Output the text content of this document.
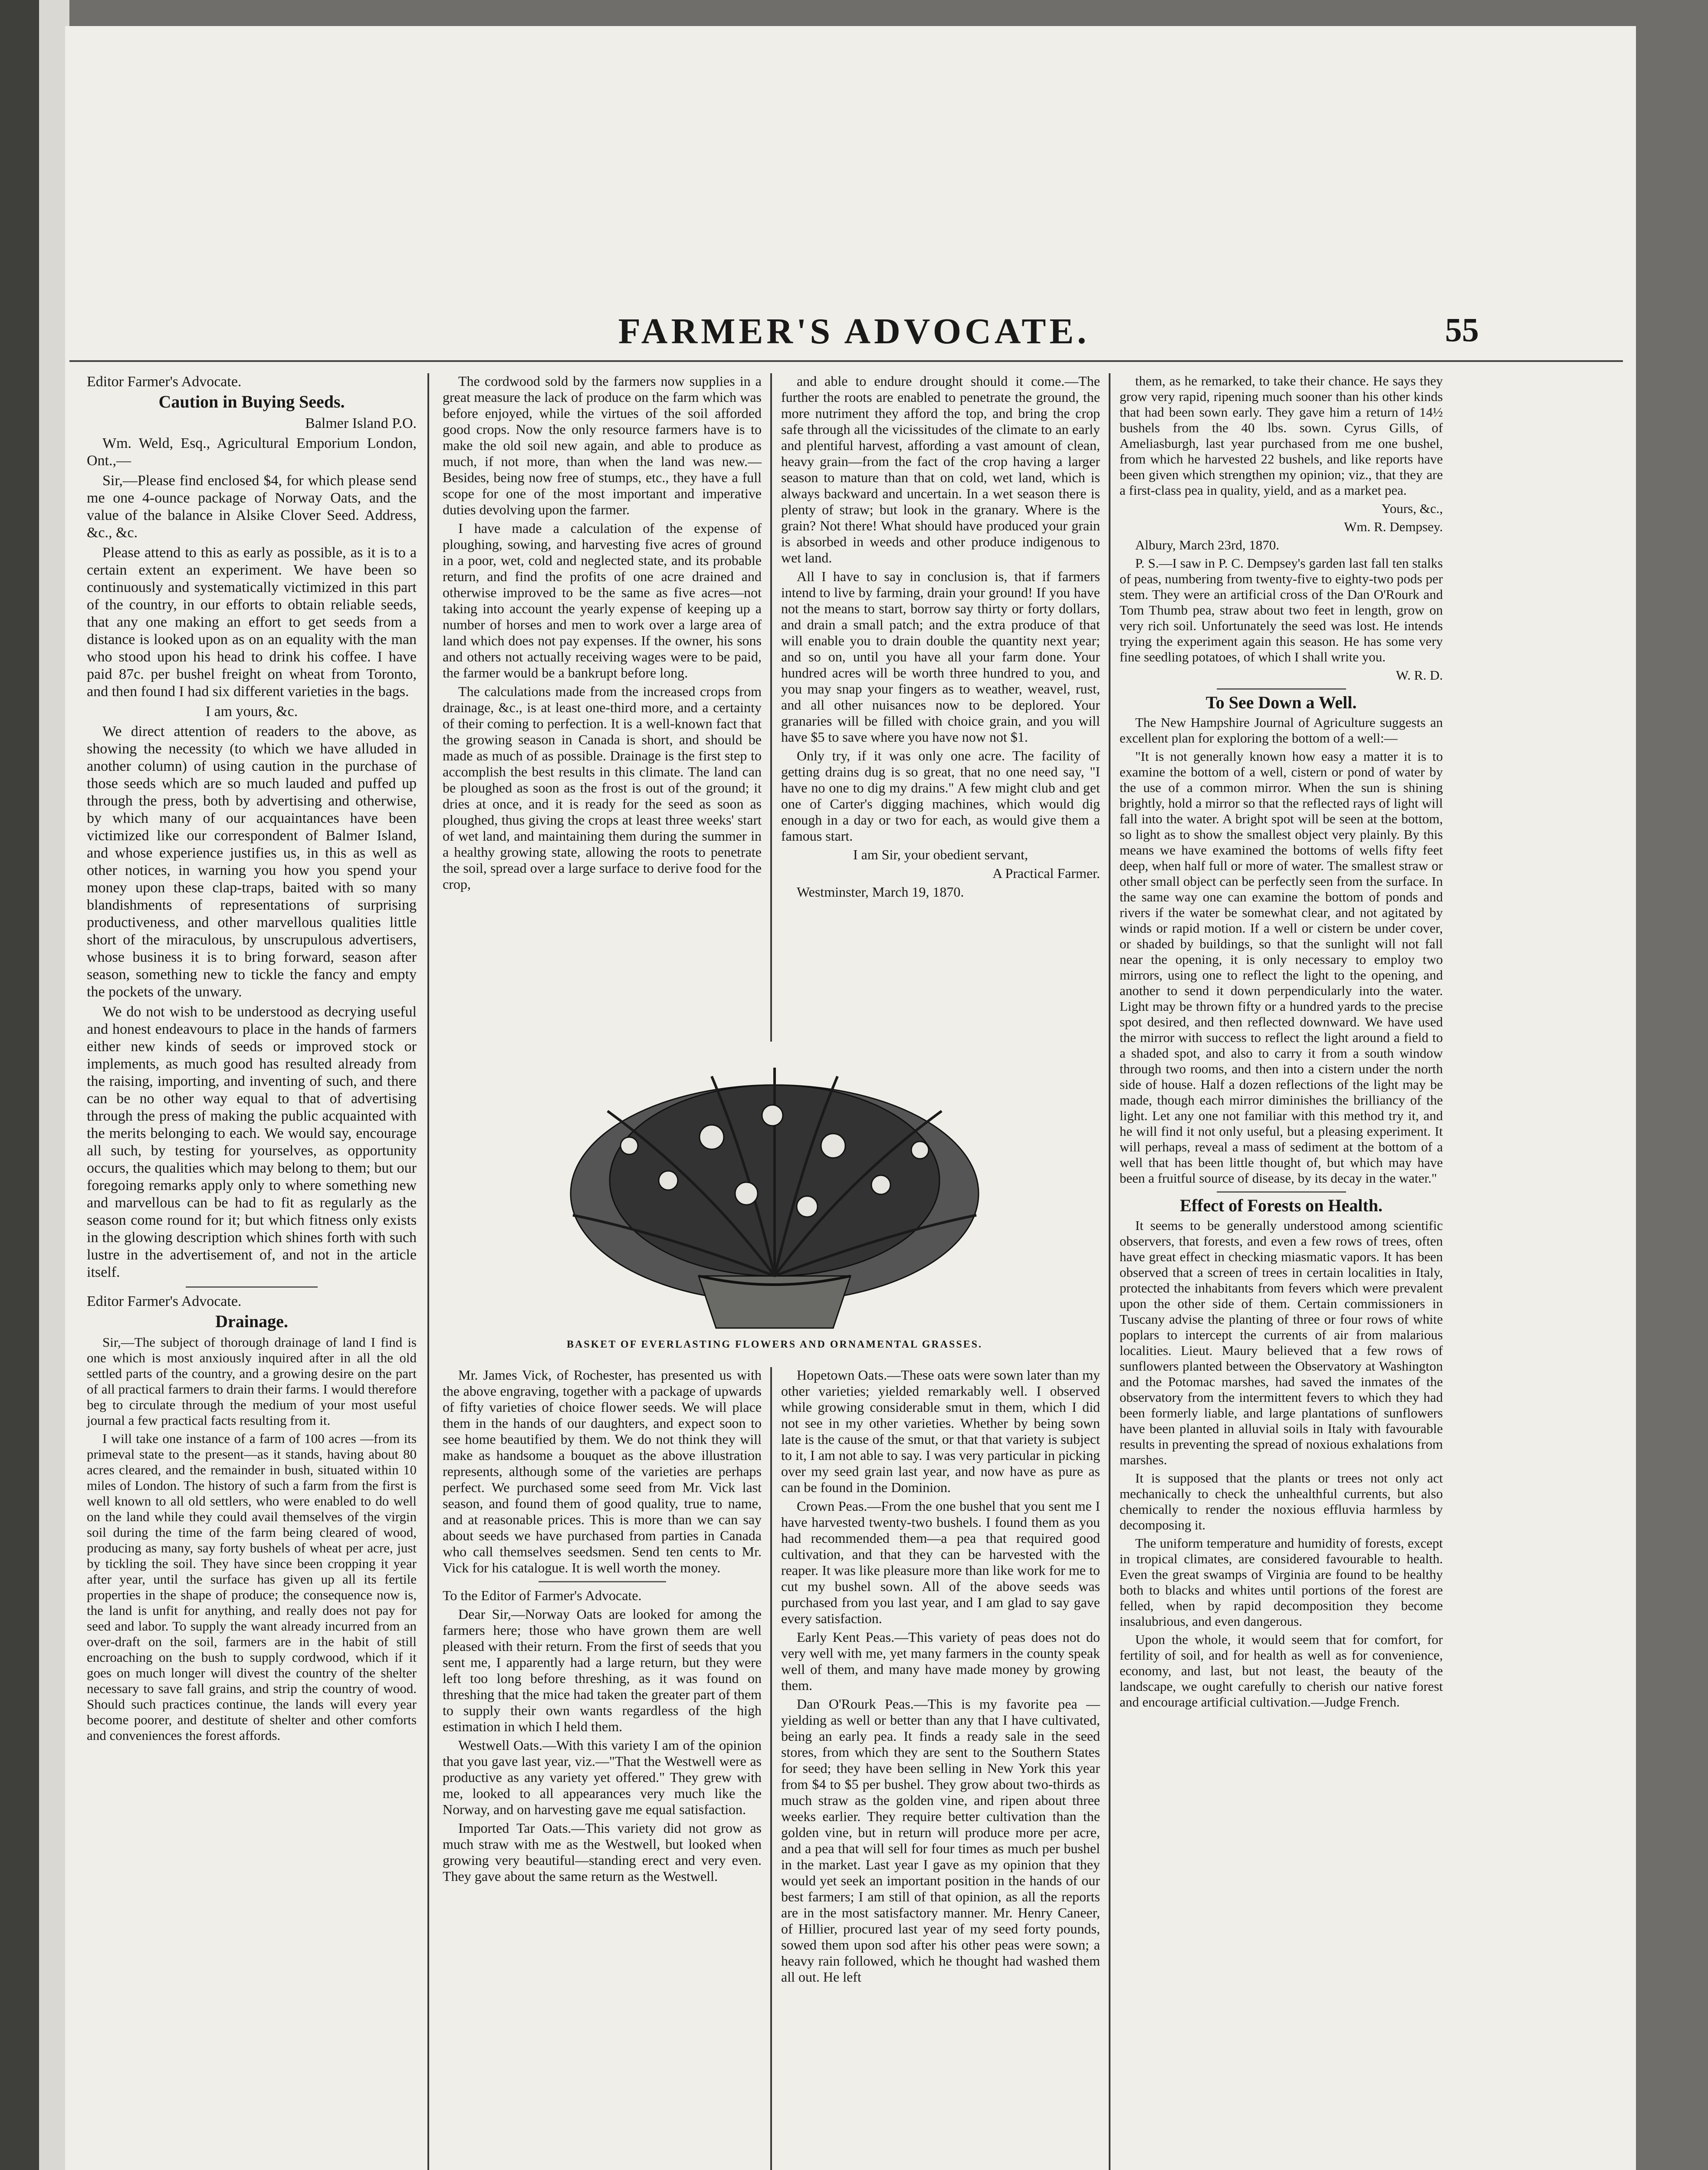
FARMER'S ADVOCATE.	55

Editor Farmer's Advocate.

Caution in Buying Seeds.

Balmer Island P.O.

Wm. Weld, Esq., Agricultural Emporium London, Ont.,—

Sir,—Please find enclosed $4, for which please send me one 4-ounce package of Norway Oats, and the value of the balance in Alsike Clover Seed. Address, &c., &c.

Please attend to this as early as possible, as it is to a certain extent an experiment. We have been so continuously and systematically victimized in this part of the country, in our efforts to obtain reliable seeds, that any one making an effort to get seeds from a distance is looked upon as on an equality with the man who stood upon his head to drink his coffee. I have paid 87c. per bushel freight on wheat from Toronto, and then found I had six different varieties in the bags.

I am yours, &c.

We direct attention of readers to the above, as showing the necessity (to which we have alluded in another column) of using caution in the purchase of those seeds which are so much lauded and puffed up through the press, both by advertising and otherwise, by which many of our acquaintances have been victimized like our correspondent of Balmer Island, and whose experience justifies us, in this as well as other notices, in warning you how you spend your money upon these clap-traps, baited with so many blandishments of representations of surprising productiveness, and other marvellous qualities little short of the miraculous, by unscrupulous advertisers, whose business it is to bring forward, season after season, something new to tickle the fancy and empty the pockets of the unwary.

We do not wish to be understood as decrying useful and honest endeavours to place in the hands of farmers either new kinds of seeds or improved stock or implements, as much good has resulted already from the raising, importing, and inventing of such, and there can be no other way equal to that of advertising through the press of making the public acquainted with the merits belonging to each. We would say, encourage all such, by testing for yourselves, as opportunity occurs, the qualities which may belong to them; but our foregoing remarks apply only to where something new and marvellous can be had to fit as regularly as the season come round for it; but which fitness only exists in the glowing description which shines forth with such lustre in the advertisement of, and not in the article itself.

Editor Farmer's Advocate.

Drainage.

Sir,—The subject of thorough drainage of land I find is one which is most anxiously inquired after in all the old settled parts of the country, and a growing desire on the part of all practical farmers to drain their farms. I would therefore beg to circulate through the medium of your most useful journal a few practical facts resulting from it.

I will take one instance of a farm of 100 acres —from its primeval state to the present—as it stands, having about 80 acres cleared, and the remainder in bush, situated within 10 miles of London. The history of such a farm from the first is well known to all old settlers, who were enabled to do well on the land while they could avail themselves of the virgin soil during the time of the farm being cleared of wood, producing as many, say forty bushels of wheat per acre, just by tickling the soil. They have since been cropping it year after year, until the surface has given up all its fertile properties in the shape of produce; the consequence now is, the land is unfit for anything, and really does not pay for seed and labor. To supply the want already incurred from an over-draft on the soil, farmers are in the habit of still encroaching on the bush to supply cordwood, which if it goes on much longer will divest the country of the shelter necessary to save fall grains, and strip the country of wood. Should such practices continue, the lands will every year become poorer, and destitute of shelter and other comforts and conveniences the forest affords.

The cordwood sold by the farmers now supplies in a great measure the lack of produce on the farm which was before enjoyed, while the virtues of the soil afforded good crops. Now the only resource farmers have is to make the old soil new again, and able to produce as much, if not more, than when the land was new.—Besides, being now free of stumps, etc., they have a full scope for one of the most important and imperative duties devolving upon the farmer.

I have made a calculation of the expense of ploughing, sowing, and harvesting five acres of ground in a poor, wet, cold and neglected state, and its probable return, and find the profits of one acre drained and otherwise improved to be the same as five acres—not taking into account the yearly expense of keeping up a number of horses and men to work over a large area of land which does not pay expenses. If the owner, his sons and others not actually receiving wages were to be paid, the farmer would be a bankrupt before long.

The calculations made from the increased crops from drainage, &c., is at least one-third more, and a certainty of their coming to perfection. It is a well-known fact that the growing season in Canada is short, and should be made as much of as possible. Drainage is the first step to accomplish the best results in this climate. The land can be ploughed as soon as the frost is out of the ground; it dries at once, and it is ready for the seed as soon as ploughed, thus giving the crops at least three weeks' start of wet land, and maintaining them during the summer in a healthy growing state, allowing the roots to penetrate the soil, spread over a large surface to derive food for the crop,

and able to endure drought should it come.—The further the roots are enabled to penetrate the ground, the more nutriment they afford the top, and bring the crop safe through all the vicissitudes of the climate to an early and plentiful harvest, affording a vast amount of clean, heavy grain—from the fact of the crop having a larger season to mature than that on cold, wet land, which is always backward and uncertain. In a wet season there is plenty of straw; but look in the granary. Where is the grain? Not there! What should have produced your grain is absorbed in weeds and other produce indigenous to wet land.

All I have to say in conclusion is, that if farmers intend to live by farming, drain your ground! If you have not the means to start, borrow say thirty or forty dollars, and drain a small patch; and the extra produce of that will enable you to drain double the quantity next year; and so on, until you have all your farm done. Your hundred acres will be worth three hundred to you, and you may snap your fingers as to weather, weavel, rust, and all other nuisances now to be deplored. Your granaries will be filled with choice grain, and you will have $5 to save where you have now not $1.

Only try, if it was only one acre. The facility of getting drains dug is so great, that no one need say, "I have no one to dig my drains." A few might club and get one of Carter's digging machines, which would dig enough in a day or two for each, as would give them a famous start.

I am Sir, your obedient servant,

A Practical Farmer.

Westminster, March 19, 1870.

BASKET OF EVERLASTING FLOWERS AND ORNAMENTAL GRASSES.

Mr. James Vick, of Rochester, has presented us with the above engraving, together with a package of upwards of fifty varieties of choice flower seeds. We will place them in the hands of our daughters, and expect soon to see home beautified by them. We do not think they will make as handsome a bouquet as the above illustration represents, although some of the varieties are perhaps perfect. We purchased some seed from Mr. Vick last season, and found them of good quality, true to name, and at reasonable prices. This is more than we can say about seeds we have purchased from parties in Canada who call themselves seedsmen. Send ten cents to Mr. Vick for his catalogue. It is well worth the money.

To the Editor of Farmer's Advocate.

Dear Sir,—Norway Oats are looked for among the farmers here; those who have grown them are well pleased with their return. From the first of seeds that you sent me, I apparently had a large return, but they were left too long before threshing, as it was found on threshing that the mice had taken the greater part of them to supply their own wants regardless of the high estimation in which I held them.

Westwell Oats.—With this variety I am of the opinion that you gave last year, viz.—"That the Westwell were as productive as any variety yet offered." They grew with me, looked to all appearances very much like the Norway, and on harvesting gave me equal satisfaction.

Imported Tar Oats.—This variety did not grow as much straw with me as the Westwell, but looked when growing very beautiful—standing erect and very even. They gave about the same return as the Westwell.

Hopetown Oats.—These oats were sown later than my other varieties; yielded remarkably well. I observed while growing considerable smut in them, which I did not see in my other varieties. Whether by being sown late is the cause of the smut, or that that variety is subject to it, I am not able to say. I was very particular in picking over my seed grain last year, and now have as pure as can be found in the Dominion.

Crown Peas.—From the one bushel that you sent me I have harvested twenty-two bushels. I found them as you had recommended them—a pea that required good cultivation, and that they can be harvested with the reaper. It was like pleasure more than like work for me to cut my bushel sown. All of the above seeds was purchased from you last year, and I am glad to say gave every satisfaction.

Early Kent Peas.—This variety of peas does not do very well with me, yet many farmers in the county speak well of them, and many have made money by growing them.

Dan O'Rourk Peas.—This is my favorite pea — yielding as well or better than any that I have cultivated, being an early pea. It finds a ready sale in the seed stores, from which they are sent to the Southern States for seed; they have been selling in New York this year from $4 to $5 per bushel. They grow about two-thirds as much straw as the golden vine, and ripen about three weeks earlier. They require better cultivation than the golden vine, but in return will produce more per acre, and a pea that will sell for four times as much per bushel in the market. Last year I gave as my opinion that they would yet seek an important position in the hands of our best farmers; I am still of that opinion, as all the reports are in the most satisfactory manner. Mr. Henry Caneer, of Hillier, procured last year of my seed forty pounds, sowed them upon sod after his other peas were sown; a heavy rain followed, which he thought had washed them all out. He left

them, as he remarked, to take their chance. He says they grow very rapid, ripening much sooner than his other kinds that had been sown early. They gave him a return of 14½ bushels from the 40 lbs. sown. Cyrus Gills, of Ameliasburgh, last year purchased from me one bushel, from which he harvested 22 bushels, and like reports have been given which strengthen my opinion; viz., that they are a first-class pea in quality, yield, and as a market pea.

Yours, &c.,

Wm. R. Dempsey.

Albury, March 23rd, 1870.

P. S.—I saw in P. C. Dempsey's garden last fall ten stalks of peas, numbering from twenty-five to eighty-two pods per stem. They were an artificial cross of the Dan O'Rourk and Tom Thumb pea, straw about two feet in length, grow on very rich soil. Unfortunately the seed was lost. He intends trying the experiment again this season. He has some very fine seedling potatoes, of which I shall write you.

W. R. D.

To See Down a Well.

The New Hampshire Journal of Agriculture suggests an excellent plan for exploring the bottom of a well:—

"It is not generally known how easy a matter it is to examine the bottom of a well, cistern or pond of water by the use of a common mirror. When the sun is shining brightly, hold a mirror so that the reflected rays of light will fall into the water. A bright spot will be seen at the bottom, so light as to show the smallest object very plainly. By this means we have examined the bottoms of wells fifty feet deep, when half full or more of water. The smallest straw or other small object can be perfectly seen from the surface. In the same way one can examine the bottom of ponds and rivers if the water be somewhat clear, and not agitated by winds or rapid motion. If a well or cistern be under cover, or shaded by buildings, so that the sunlight will not fall near the opening, it is only necessary to employ two mirrors, using one to reflect the light to the opening, and another to send it down perpendicularly into the water. Light may be thrown fifty or a hundred yards to the precise spot desired, and then reflected downward. We have used the mirror with success to reflect the light around a field to a shaded spot, and also to carry it from a south window through two rooms, and then into a cistern under the north side of house. Half a dozen reflections of the light may be made, though each mirror diminishes the brilliancy of the light. Let any one not familiar with this method try it, and he will find it not only useful, but a pleasing experiment. It will perhaps, reveal a mass of sediment at the bottom of a well that has been little thought of, but which may have been a fruitful source of disease, by its decay in the water."

Effect of Forests on Health.

It seems to be generally understood among scientific observers, that forests, and even a few rows of trees, often have great effect in checking miasmatic vapors. It has been observed that a screen of trees in certain localities in Italy, protected the inhabitants from fevers which were prevalent upon the other side of them. Certain commissioners in Tuscany advise the planting of three or four rows of white poplars to intercept the currents of air from malarious localities. Lieut. Maury believed that a few rows of sunflowers planted between the Observatory at Washington and the Potomac marshes, had saved the inmates of the observatory from the intermittent fevers to which they had been formerly liable, and large plantations of sunflowers have been planted in alluvial soils in Italy with favourable results in preventing the spread of noxious exhalations from marshes.

It is supposed that the plants or trees not only act mechanically to check the unhealthful currents, but also chemically to render the noxious effluvia harmless by decomposing it.

The uniform temperature and humidity of forests, except in tropical climates, are considered favourable to health. Even the great swamps of Virginia are found to be healthy both to blacks and whites until portions of the forest are felled, when by rapid decomposition they become insalubrious, and even dangerous.

Upon the whole, it would seem that for comfort, for fertility of soil, and for health as well as for convenience, economy, and last, but not least, the beauty of the landscape, we ought carefully to cherish our native forest and encourage artificial cultivation.—Judge French.
